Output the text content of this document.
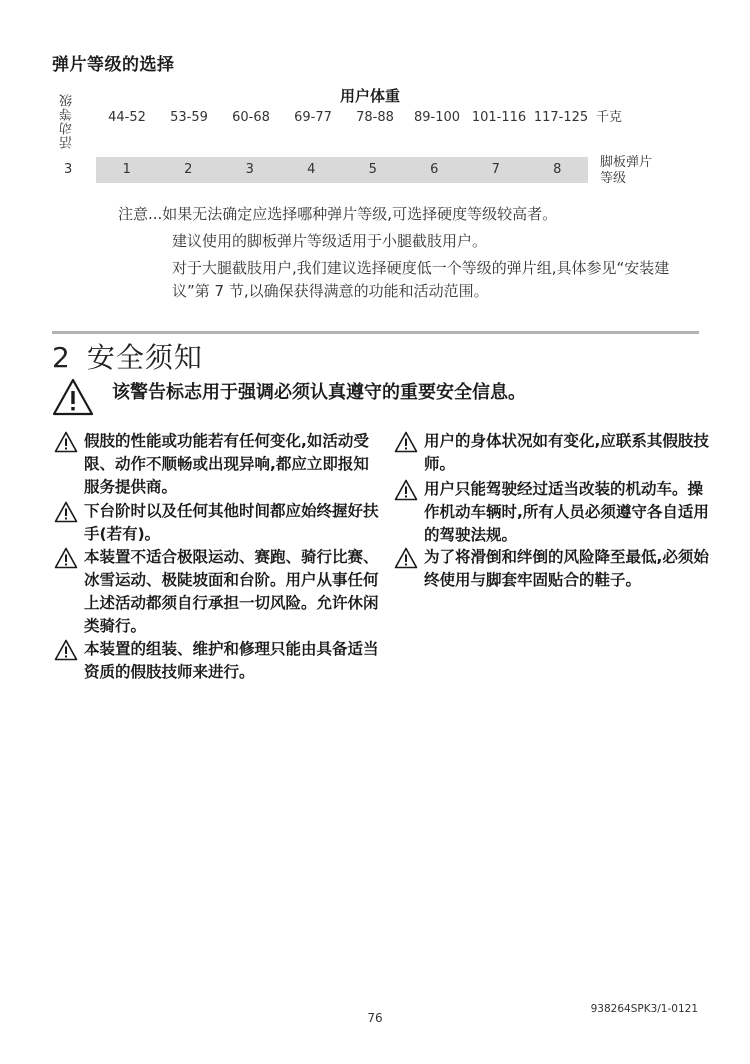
弹片等级的选择
活动等级	用户体重
44-52	53-59	60-68	69-77	78-88	89-100 101-116 117-125 千克
3	1	2	3	4	5	6	7	8	脚板弹片等级
注意...如果无法确定应选择哪种弹片等级,可选择硬度等级较高者。
建议使用的脚板弹片等级适用于小腿截肢用户。
对于大腿截肢用户,我们建议选择硬度低一个等级的弹片组,具体参见“安装建议”第 7 节,以确保获得满意的功能和活动范围。
2 安全须知
该警告标志用于强调必须认真遵守的重要安全信息。
假肢的性能或功能若有任何变化,如活动受限、动作不顺畅或出现异响,都应立即报知服务提供商。
下台阶时以及任何其他时间都应始终握好扶手(若有)。
本装置不适合极限运动、赛跑、骑行比赛、冰雪运动、极陡坡面和台阶。用户从事任何上述活动都须自行承担一切风险。允许休闲类骑行。
本装置的组装、维护和修理只能由具备适当资质的假肢技师来进行。
用户的身体状况如有变化,应联系其假肢技师。
用户只能驾驶经过适当改装的机动车。操作机动车辆时,所有人员必须遵守各自适用的驾驶法规。
为了将滑倒和绊倒的风险降至最低,必须始终使用与脚套牢固贴合的鞋子。
938264SPK3/1-0121
76
